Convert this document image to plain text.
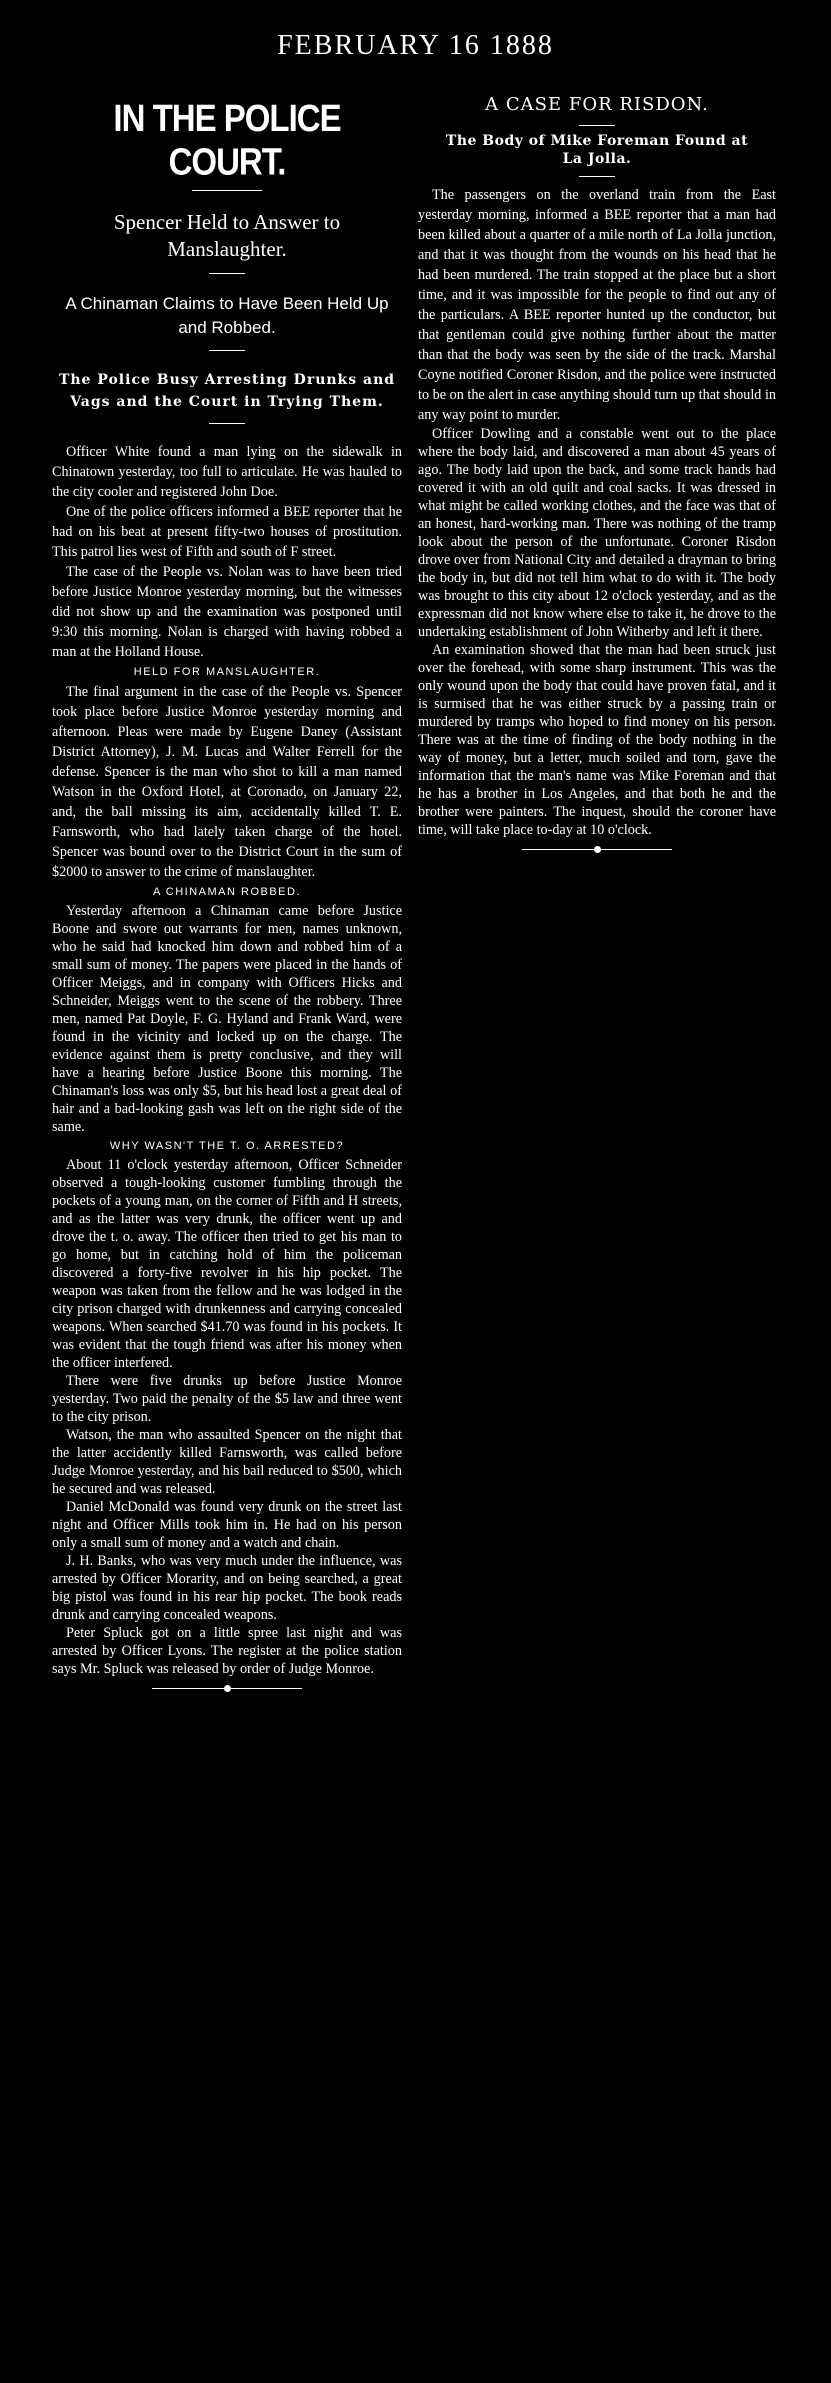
FEBRUARY 16 1888
IN THE POLICE COURT.
Spencer Held to Answer to Manslaughter.
A Chinaman Claims to Have Been Held Up and Robbed.
The Police Busy Arresting Drunks and Vags and the Court in Trying Them.

Officer White found a man lying on the sidewalk in Chinatown yesterday, too full to articulate. He was hauled to the city cooler and registered John Doe.

One of the police officers informed a BEE reporter that he had on his beat at present fifty-two houses of prostitution. This patrol lies west of Fifth and south of F street.

The case of the People vs. Nolan was to have been tried before Justice Monroe yesterday morning, but the witnesses did not show up and the examination was postponed until 9:30 this morning. Nolan is charged with having robbed a man at the Holland House.

HELD FOR MANSLAUGHTER.

The final argument in the case of the People vs. Spencer took place before Justice Monroe yesterday morning and afternoon. Pleas were made by Eugene Daney (Assistant District Attorney), J. M. Lucas and Walter Ferrell for the defense. Spencer is the man who shot to kill a man named Watson in the Oxford Hotel, at Coronado, on January 22, and, the ball missing its aim, accidentally killed T. E. Farnsworth, who had lately taken charge of the hotel. Spencer was bound over to the District Court in the sum of $2000 to answer to the crime of manslaughter.

A CHINAMAN ROBBED.

Yesterday afternoon a Chinaman came before Justice Boone and swore out warrants for men, names unknown, who he said had knocked him down and robbed him of a small sum of money. The papers were placed in the hands of Officer Meiggs, and in company with Officers Hicks and Schneider, Meiggs went to the scene of the robbery. Three men, named Pat Doyle, F. G. Hyland and Frank Ward, were found in the vicinity and locked up on the charge. The evidence against them is pretty conclusive, and they will have a hearing before Justice Boone this morning. The Chinaman's loss was only $5, but his head lost a great deal of hair and a bad-looking gash was left on the right side of the same.

WHY WASN'T THE T. O. ARRESTED?

About 11 o'clock yesterday afternoon, Officer Schneider observed a tough-looking customer fumbling through the pockets of a young man, on the corner of Fifth and H streets, and as the latter was very drunk, the officer went up and drove the t. o. away. The officer then tried to get his man to go home, but in catching hold of him the policeman discovered a forty-five revolver in his hip pocket. The weapon was taken from the fellow and he was lodged in the city prison charged with drunkenness and carrying concealed weapons. When searched $41.70 was found in his pockets. It was evident that the tough friend was after his money when the officer interfered.

There were five drunks up before Justice Monroe yesterday. Two paid the penalty of the $5 law and three went to the city prison.

Watson, the man who assaulted Spencer on the night that the latter accidently killed Farnsworth, was called before Judge Monroe yesterday, and his bail reduced to $500, which he secured and was released.

Daniel McDonald was found very drunk on the street last night and Officer Mills took him in. He had on his person only a small sum of money and a watch and chain.

J. H. Banks, who was very much under the influence, was arrested by Officer Morarity, and on being searched, a great big pistol was found in his rear hip pocket. The book reads drunk and carrying concealed weapons.

Peter Spluck got on a little spree last night and was arrested by Officer Lyons. The register at the police station says Mr. Spluck was released by order of Judge Monroe.

A CASE FOR RISDON.
The Body of Mike Foreman Found at La Jolla.

The passengers on the overland train from the East yesterday morning, informed a BEE reporter that a man had been killed about a quarter of a mile north of La Jolla junction, and that it was thought from the wounds on his head that he had been murdered. The train stopped at the place but a short time, and it was impossible for the people to find out any of the particulars. A BEE reporter hunted up the conductor, but that gentleman could give nothing further about the matter than that the body was seen by the side of the track. Marshal Coyne notified Coroner Risdon, and the police were instructed to be on the alert in case anything should turn up that should in any way point to murder.

Officer Dowling and a constable went out to the place where the body laid, and discovered a man about 45 years of ago. The body laid upon the back, and some track hands had covered it with an old quilt and coal sacks. It was dressed in what might be called working clothes, and the face was that of an honest, hard-working man. There was nothing of the tramp look about the person of the unfortunate. Coroner Risdon drove over from National City and detailed a drayman to bring the body in, but did not tell him what to do with it. The body was brought to this city about 12 o'clock yesterday, and as the expressman did not know where else to take it, he drove to the undertaking establishment of John Witherby and left it there.

An examination showed that the man had been struck just over the forehead, with some sharp instrument. This was the only wound upon the body that could have proven fatal, and it is surmised that he was either struck by a passing train or murdered by tramps who hoped to find money on his person. There was at the time of finding of the body nothing in the way of money, but a letter, much soiled and torn, gave the information that the man's name was Mike Foreman and that he has a brother in Los Angeles, and that both he and the brother were painters. The inquest, should the coroner have time, will take place to-day at 10 o'clock.
